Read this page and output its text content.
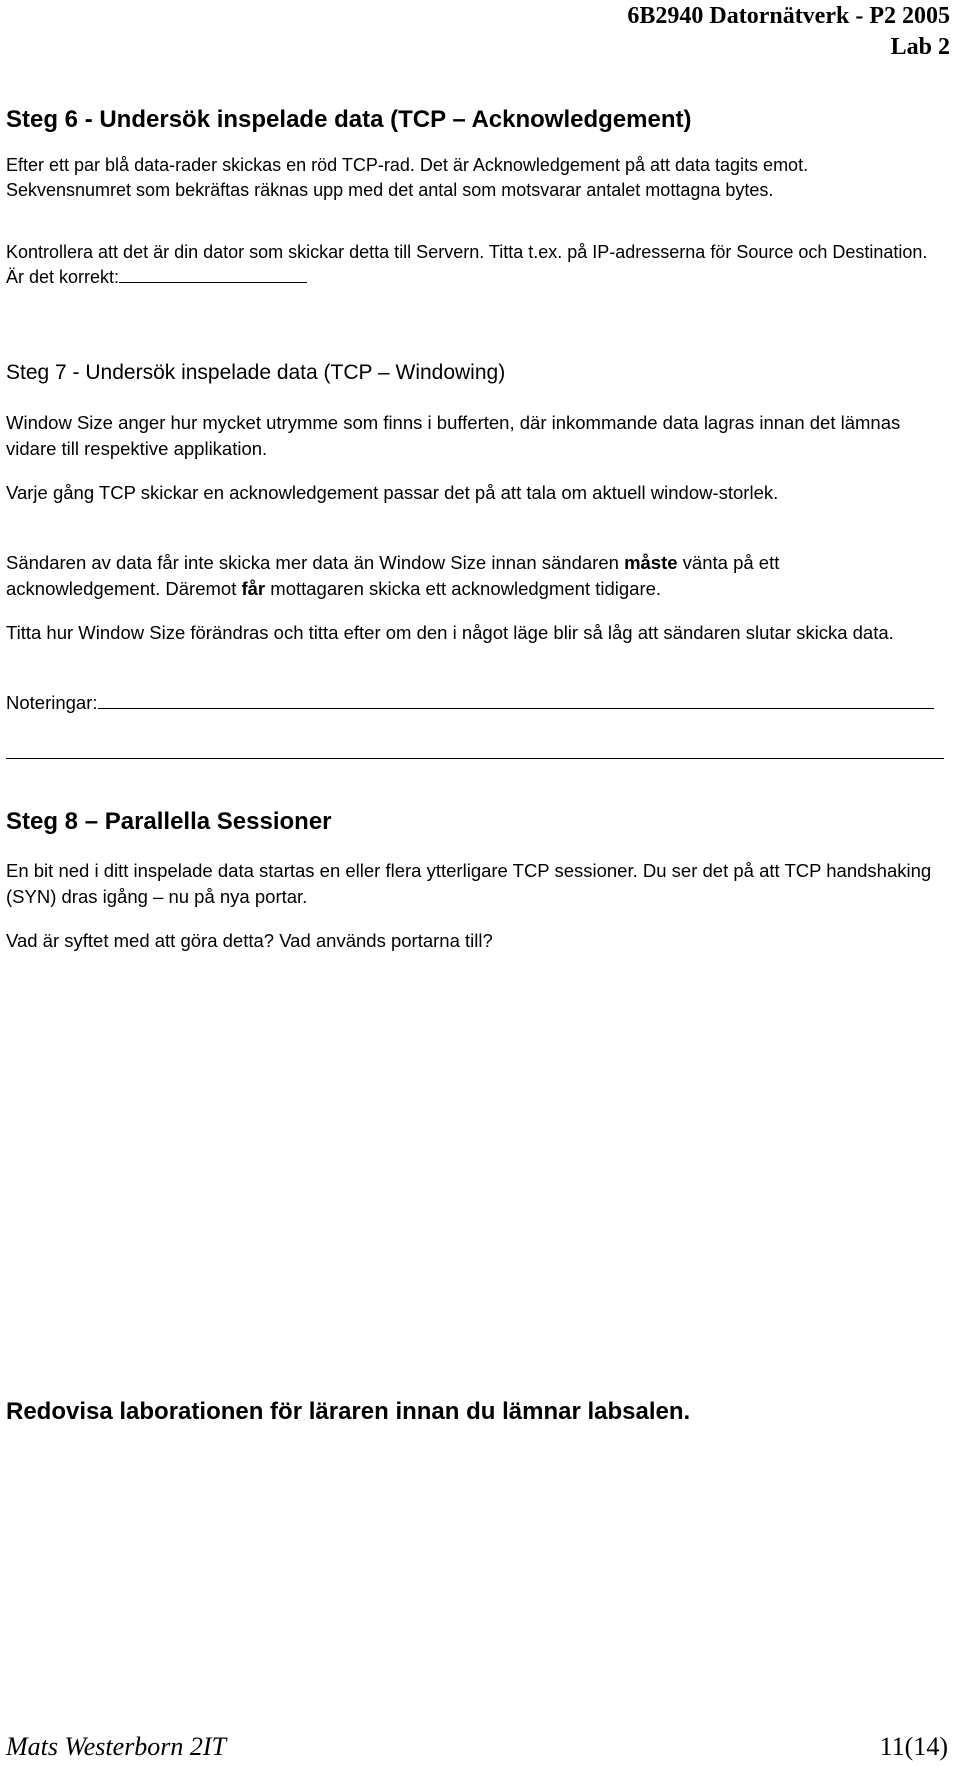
6B2940 Datornätverk - P2 2005
Lab 2
Steg 6 - Undersök inspelade data (TCP – Acknowledgement)
Efter ett par blå data-rader skickas en röd TCP-rad. Det är Acknowledgement på att data tagits emot. Sekvensnumret som bekräftas räknas upp med det antal som motsvarar antalet mottagna bytes.
Kontrollera att det är din dator som skickar detta till Servern. Titta t.ex. på IP-adresserna för Source och Destination. Är det korrekt:
Steg 7 - Undersök inspelade data (TCP – Windowing)
Window Size anger hur mycket utrymme som finns i bufferten, där inkommande data lagras innan det lämnas vidare till respektive applikation.
Varje gång TCP skickar en acknowledgement passar det på att tala om aktuell window-storlek.
Sändaren av data får inte skicka mer data än Window Size innan sändaren måste vänta på ett acknowledgement. Däremot får mottagaren skicka ett acknowledgment tidigare.
Titta hur Window Size förändras och titta efter om den i något läge blir så låg att sändaren slutar skicka data.
Noteringar:
Steg 8 – Parallella Sessioner
En bit ned i ditt inspelade data startas en eller flera ytterligare TCP sessioner. Du ser det på att TCP handshaking (SYN) dras igång – nu på nya portar.
Vad är syftet med att göra detta? Vad används portarna till?
Redovisa laborationen för läraren innan du lämnar labsalen.
Mats Westerborn 2IT	11(14)
